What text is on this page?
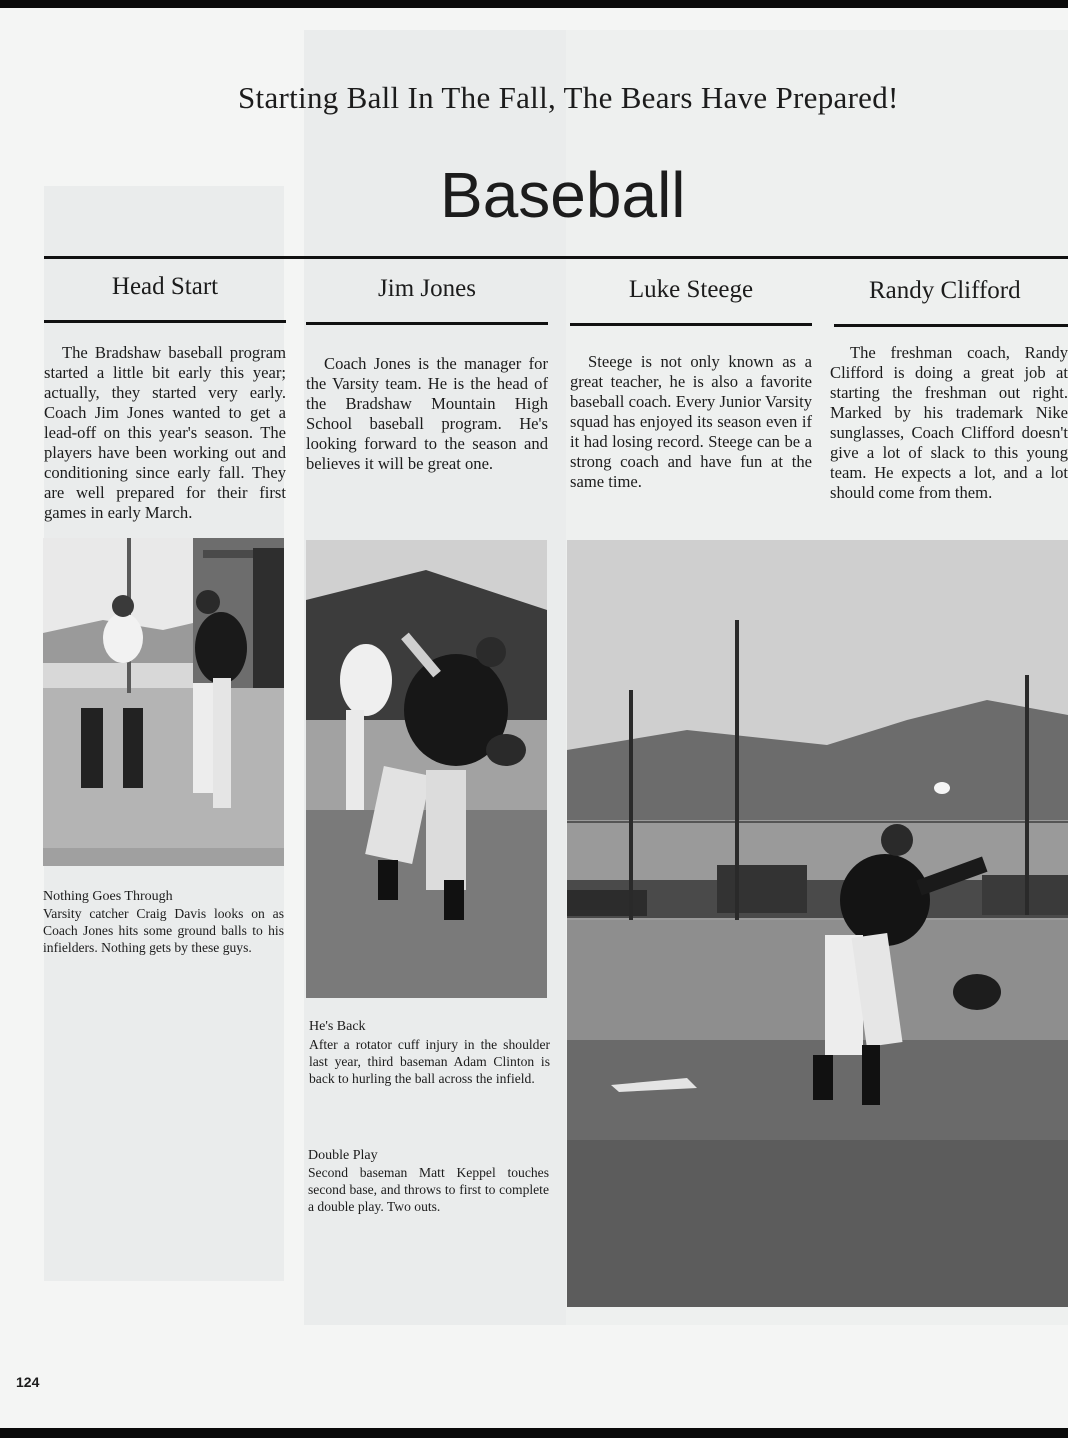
Starting Ball In The Fall, The Bears Have Prepared!
Baseball
Head Start
The Bradshaw baseball program started a little bit early this year; actually, they started very early. Coach Jim Jones wanted to get a lead-off on this year's season. The players have been working out and conditioning since early fall. They are well prepared for their first games in early March.
Jim Jones
Coach Jones is the manager for the Varsity team. He is the head of the Bradshaw Mountain High School baseball program. He's looking forward to the season and believes it will be great one.
Luke Steege
Steege is not only known as a great teacher, he is also a favorite baseball coach. Every Junior Varsity squad has enjoyed its season even if it had losing record. Steege can be a strong coach and have fun at the same time.
Randy Clifford
The freshman coach, Randy Clifford is doing a great job at starting the freshman out right. Marked by his trademark Nike sunglasses, Coach Clifford doesn't give a lot of slack to this young team. He expects a lot, and a lot should come from them.
Nothing Goes Through
Varsity catcher Craig Davis looks on as Coach Jones hits some ground balls to his infielders. Nothing gets by these guys.
He's Back
After a rotator cuff injury in the shoulder last year, third baseman Adam Clinton is back to hurling the ball across the infield.
Double Play
Second baseman Matt Keppel touches second base, and throws to first to complete a double play. Two outs.
124
